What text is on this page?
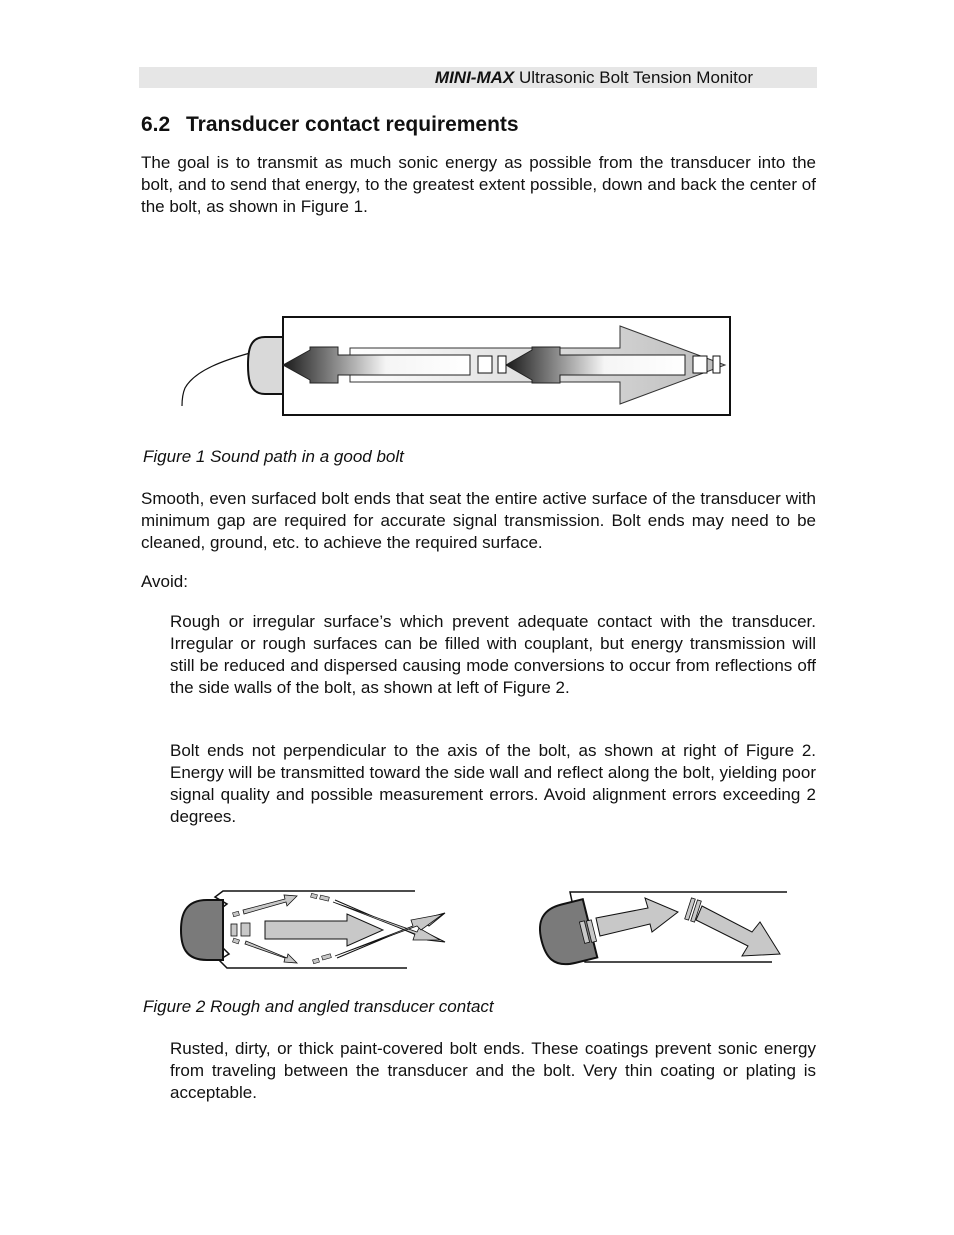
MINI-MAX Ultrasonic Bolt Tension Monitor
6.2 Transducer contact requirements

The goal is to transmit as much sonic energy as possible from the transducer into the bolt, and to send that energy, to the greatest extent possible, down and back the center of the bolt, as shown in Figure 1.

Figure 1 Sound path in a good bolt

Smooth, even surfaced bolt ends that seat the entire active surface of the transducer with minimum gap are required for accurate signal transmission. Bolt ends may need to be cleaned, ground, etc. to achieve the required surface.

Avoid:

Rough or irregular surface’s which prevent adequate contact with the transducer. Irregular or rough surfaces can be filled with couplant, but energy transmission will still be reduced and dispersed causing mode conversions to occur from reflections off the side walls of the bolt, as shown at left of Figure 2.

Bolt ends not perpendicular to the axis of the bolt, as shown at right of Figure 2. Energy will be transmitted toward the side wall and reflect along the bolt, yielding poor signal quality and possible measurement errors. Avoid alignment errors exceeding 2 degrees.

Figure 2 Rough and angled transducer contact

Rusted, dirty, or thick paint-covered bolt ends. These coatings prevent sonic energy from traveling between the transducer and the bolt. Very thin coating or plating is acceptable.
